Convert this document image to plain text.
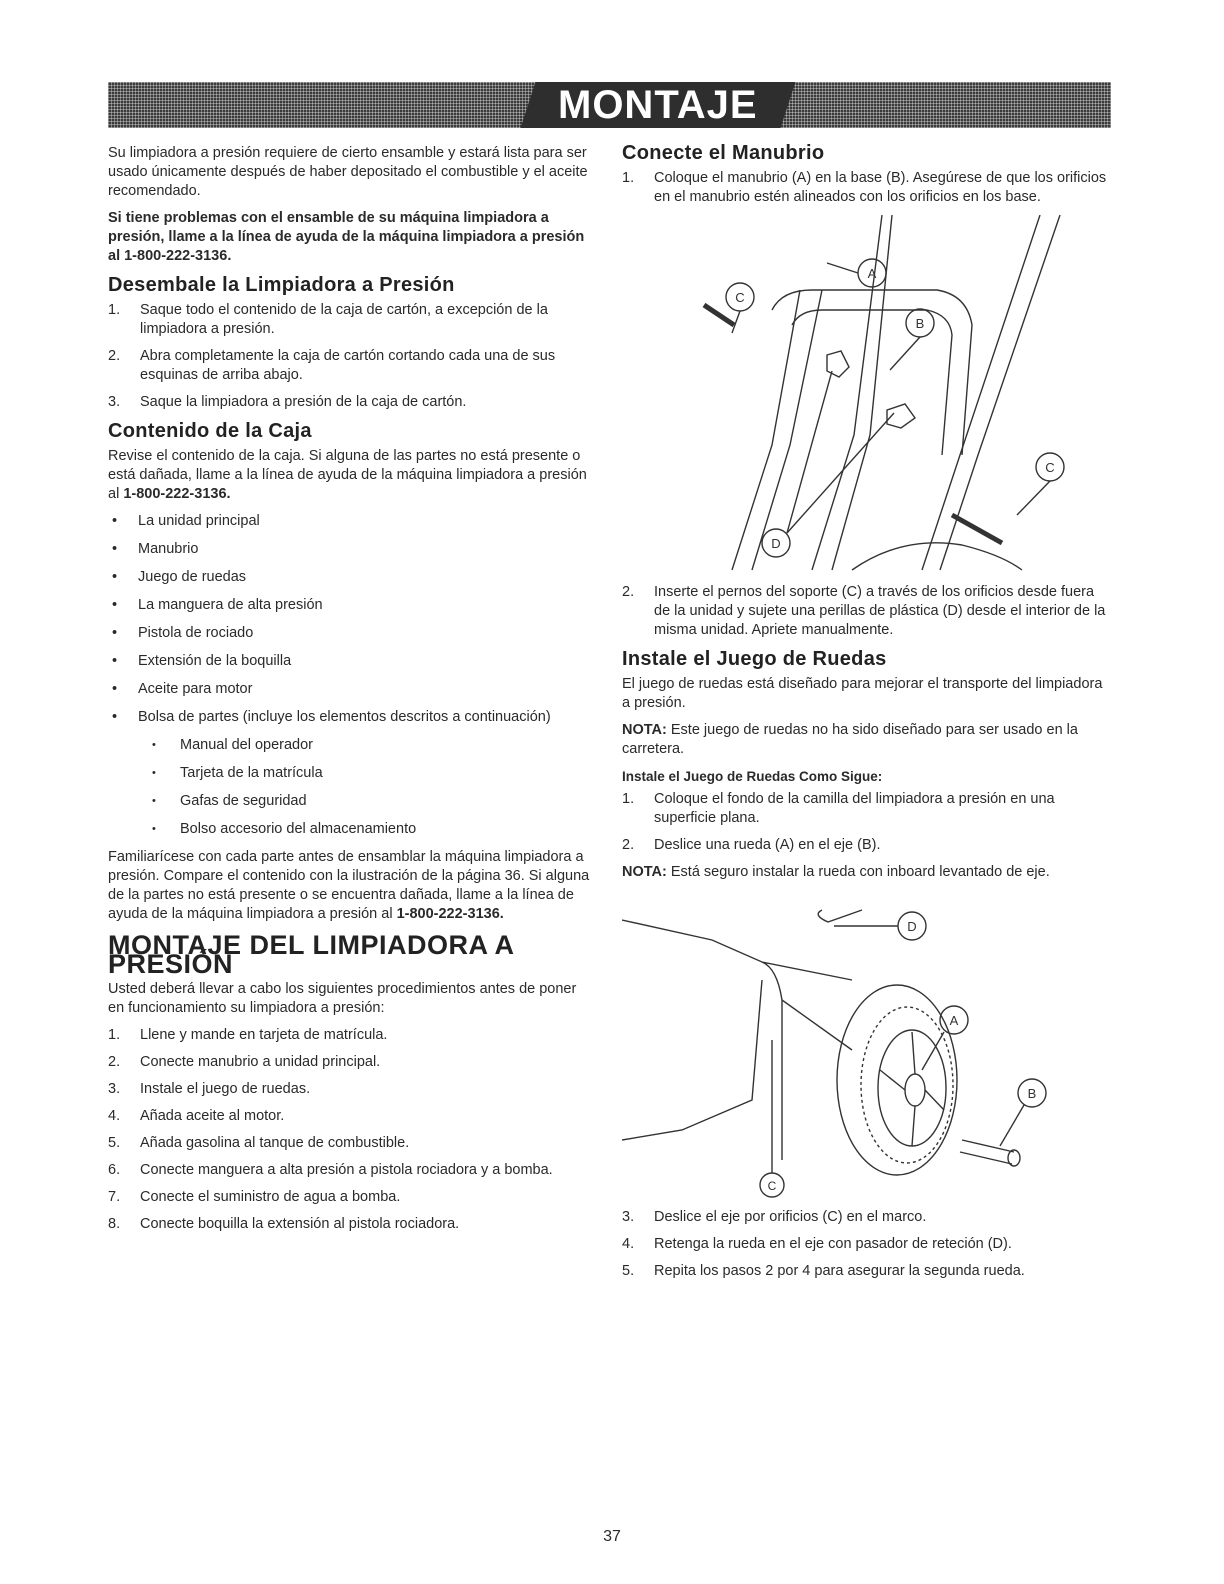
MONTAJE

Su limpiadora a presión requiere de cierto ensamble y estará lista para ser usado únicamente después de haber depositado el combustible y el aceite recomendado.

Si tiene problemas con el ensamble de su máquina limpiadora a presión, llame a la línea de ayuda de la máquina limpiadora a presión al 1-800-222-3136.

Desembale la Limpiadora a Presión
1.	Saque todo el contenido de la caja de cartón, a excepción de la limpiadora a presión.
2.	Abra completamente la caja de cartón cortando cada una de sus esquinas de arriba abajo.
3.	Saque la limpiadora a presión de la caja de cartón.
Contenido de la Caja

Revise el contenido de la caja. Si alguna de las partes no está presente o está dañada, llame a la línea de ayuda de la máquina limpiadora a presión al 1-800-222-3136.

• La unidad principal
• Manubrio
• Juego de ruedas
• La manguera de alta presión
• Pistola de rociado
• Extensión de la boquilla
• Aceite para motor
• Bolsa de partes (incluye los elementos descritos a continuación)
• Manual del operador
• Tarjeta de la matrícula
• Gafas de seguridad
• Bolso accesorio del almacenamiento

Familiarícese con cada parte antes de ensamblar la máquina limpiadora a presión. Compare el contenido con la ilustración de la página 36. Si alguna de la partes no está presente o se encuentra dañada, llame a la línea de ayuda de la máquina limpiadora a presión al 1-800-222-3136.

MONTAJE DEL LIMPIADORA A PRESIÓN

Usted deberá llevar a cabo los siguientes procedimientos antes de poner en funcionamiento su limpiadora a presión:

1.	Llene y mande en tarjeta de matrícula.
2.	Conecte manubrio a unidad principal.
3.	Instale el juego de ruedas.
4.	Añada aceite al motor.
5.	Añada gasolina al tanque de combustible.
6.	Conecte manguera a alta presión a pistola rociadora y a bomba.
7.	Conecte el suministro de agua a bomba.
8.	Conecte boquilla la extensión al pistola rociadora.
Conecte el Manubrio
1.	Coloque el manubrio (A) en la base (B). Asegúrese de que los orificios en el manubrio estén alineados con los orificios en los base.
C
B
A
C
D
2.	Inserte el pernos del soporte (C) a través de los orificios desde fuera de la unidad y sujete una perillas de plástica (D) desde el interior de la misma unidad. Apriete manualmente.
Instale el Juego de Ruedas

El juego de ruedas está diseñado para mejorar el transporte del limpiadora a presión.

NOTA: Este juego de ruedas no ha sido diseñado para ser usado en la carretera.

Instale el Juego de Ruedas Como Sigue:
1.	Coloque el fondo de la camilla del limpiadora a presión en una superficie plana.
2.	Deslice una rueda (A) en el eje (B).

NOTA: Está seguro instalar la rueda con inboard levantado de eje.

D
A
B
C
3.	Deslice el eje por orificios (C) en el marco.
4.	Retenga la rueda en el eje con pasador de reteción (D).
5.	Repita los pasos 2 por 4 para asegurar la segunda rueda.
37
